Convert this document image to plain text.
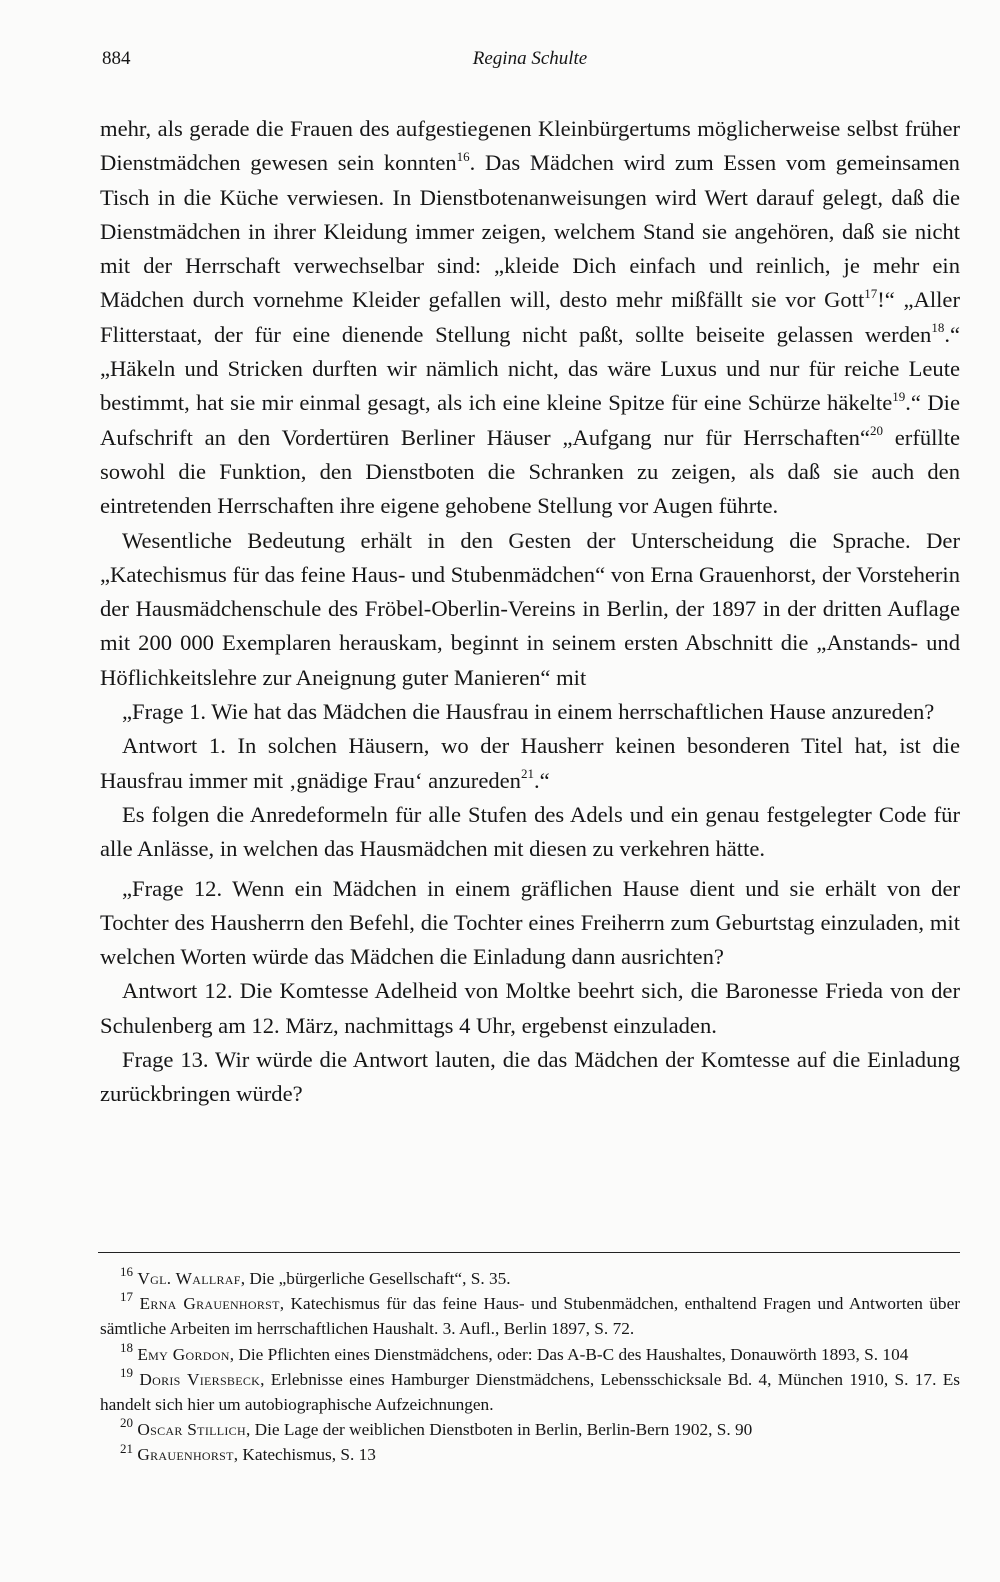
884	Regina Schulte

mehr, als gerade die Frauen des aufgestiegenen Kleinbürgertums möglicherweise selbst früher Dienstmädchen gewesen sein konnten$^{16}$. Das Mädchen wird zum Essen vom gemeinsamen Tisch in die Küche verwiesen. In Dienstbotenanweisungen wird Wert darauf gelegt, daß die Dienstmädchen in ihrer Kleidung immer zeigen, welchem Stand sie angehören, daß sie nicht mit der Herrschaft verwechselbar sind: „kleide Dich einfach und reinlich, je mehr ein Mädchen durch vornehme Kleider gefallen will, desto mehr mißfällt sie vor Gott$^{17}$!“ „Aller Flitterstaat, der für eine dienende Stellung nicht paßt, sollte beiseite gelassen werden$^{18}$.“ „Häkeln und Stricken durften wir nämlich nicht, das wäre Luxus und nur für reiche Leute bestimmt, hat sie mir einmal gesagt, als ich eine kleine Spitze für eine Schürze häkelte$^{19}$.“ Die Aufschrift an den Vordertüren Berliner Häuser „Aufgang nur für Herrschaften“$^{20}$ erfüllte sowohl die Funktion, den Dienstboten die Schranken zu zeigen, als daß sie auch den eintretenden Herrschaften ihre eigene gehobene Stellung vor Augen führte.

Wesentliche Bedeutung erhält in den Gesten der Unterscheidung die Sprache. Der „Katechismus für das feine Haus- und Stubenmädchen“ von Erna Grauenhorst, der Vorsteherin der Hausmädchenschule des Fröbel-Oberlin-Vereins in Berlin, der 1897 in der dritten Auflage mit 200 000 Exemplaren herauskam, beginnt in seinem ersten Abschnitt die „Anstands- und Höflichkeitslehre zur Aneignung guter Manieren“ mit

„Frage 1. Wie hat das Mädchen die Hausfrau in einem herrschaftlichen Hause anzureden?

Antwort 1. In solchen Häusern, wo der Hausherr keinen besonderen Titel hat, ist die Hausfrau immer mit ‚gnädige Frau‘ anzureden$^{21}$.“

Es folgen die Anredeformeln für alle Stufen des Adels und ein genau festgelegter Code für alle Anlässe, in welchen das Hausmädchen mit diesen zu verkehren hätte.

„Frage 12. Wenn ein Mädchen in einem gräflichen Hause dient und sie erhält von der Tochter des Hausherrn den Befehl, die Tochter eines Freiherrn zum Geburtstag einzuladen, mit welchen Worten würde das Mädchen die Einladung dann ausrichten?

Antwort 12. Die Komtesse Adelheid von Moltke beehrt sich, die Baronesse Frieda von der Schulenberg am 12. März, nachmittags 4 Uhr, ergebenst einzuladen.

Frage 13. Wir würde die Antwort lauten, die das Mädchen der Komtesse auf die Einladung zurückbringen würde?

$^{16}$ Vgl. Wallraf, Die „bürgerliche Gesellschaft“, S. 35.

$^{17}$ Erna Grauenhorst, Katechismus für das feine Haus- und Stubenmädchen, enthaltend Fragen und Antworten über sämtliche Arbeiten im herrschaftlichen Haushalt. 3. Aufl., Berlin 1897, S. 72.

$^{18}$ Emy Gordon, Die Pflichten eines Dienstmädchens, oder: Das A-B-C des Haushaltes, Donauwörth 1893, S. 104

$^{19}$ Doris Viersbeck, Erlebnisse eines Hamburger Dienstmädchens, Lebensschicksale Bd. 4, München 1910, S. 17. Es handelt sich hier um autobiographische Aufzeichnungen.

$^{20}$ Oscar Stillich, Die Lage der weiblichen Dienstboten in Berlin, Berlin-Bern 1902, S. 90

$^{21}$ Grauenhorst, Katechismus, S. 13
